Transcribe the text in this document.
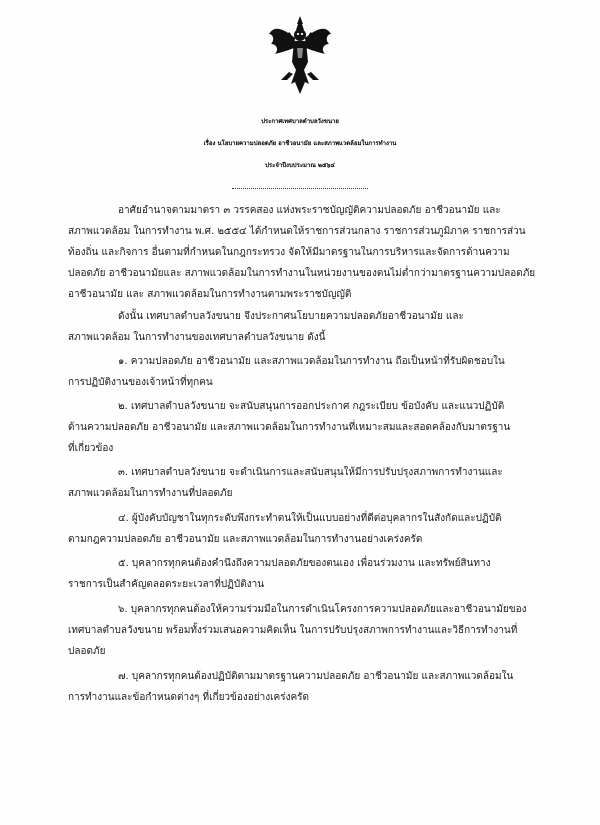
ประกาศเทศบาลตำบลวังขนาย
เรื่อง นโยบายความปลอดภัย อาชีวอนามัย และสภาพแวดล้อมในการทำงาน
ประจำปีงบประมาณ ๒๕๖๔
อาศัยอำนาจตามมาตรา ๓ วรรคสอง แห่งพระราชบัญญัติความปลอดภัย อาชีวอนามัย และ
สภาพแวดล้อม ในการทำงาน พ.ศ. ๒๕๕๔ ได้กำหนดให้ราชการส่วนกลาง ราชการส่วนภูมิภาค ราชการส่วน
ท้องถิ่น และกิจการ อื่นตามที่กำหนดในกฎกระทรวง จัดให้มีมาตรฐานในการบริหารและจัดการด้านความ
ปลอดภัย อาชีวอนามัยและ สภาพแวดล้อมในการทำงานในหน่วยงานของตนไม่ต่ำกว่ามาตรฐานความปลอดภัย
อาชีวอนามัย และ สภาพแวดล้อมในการทำงานตามพระราชบัญญัติ
ดังนั้น เทศบาลตำบลวังขนาย จึงประกาศนโยบายความปลอดภัยอาชีวอนามัย และ
สภาพแวดล้อม ในการทำงานของเทศบาลตำบลวังขนาย ดังนี้
๑. ความปลอดภัย อาชีวอนามัย และสภาพแวดล้อมในการทำงาน ถือเป็นหน้าที่รับผิดชอบใน
การปฏิบัติงานของเจ้าหน้าที่ทุกคน
๒. เทศบาลตำบลวังขนาย จะสนับสนุนการออกประกาศ กฎระเบียบ ข้อบังคับ และแนวปฏิบัติ
ด้านความปลอดภัย อาชีวอนามัย และสภาพแวดล้อมในการทำงานที่เหมาะสมและสอดคล้องกับมาตรฐาน
ที่เกี่ยวข้อง
๓. เทศบาลตำบลวังขนาย จะดำเนินการและสนับสนุนให้มีการปรับปรุงสภาพการทำงานและ
สภาพแวดล้อมในการทำงานที่ปลอดภัย
๔. ผู้บังคับบัญชาในทุกระดับพึงกระทำตนให้เป็นแบบอย่างที่ดีต่อบุคลากรในสังกัดและปฏิบัติ
ตามกฎความปลอดภัย อาชีวอนามัย และสภาพแวดล้อมในการทำงานอย่างเคร่งครัด
๕. บุคลากรทุกคนต้องคำนึงถึงความปลอดภัยของตนเอง เพื่อนร่วมงาน และทรัพย์สินทาง
ราชการเป็นสำคัญตลอดระยะเวลาที่ปฏิบัติงาน
๖. บุคลากรทุกคนต้องให้ความร่วมมือในการดำเนินโครงการความปลอดภัยและอาชีวอนามัยของ
เทศบาลตำบลวังขนาย พร้อมทั้งร่วมเสนอความคิดเห็น ในการปรับปรุงสภาพการทำงานและวิธีการทำงานที่
ปลอดภัย
๗. บุคลากรทุกคนต้องปฏิบัติตามมาตรฐานความปลอดภัย อาชีวอนามัย และสภาพแวดล้อมใน
การทำงานและข้อกำหนดต่างๆ ที่เกี่ยวข้องอย่างเคร่งครัด
